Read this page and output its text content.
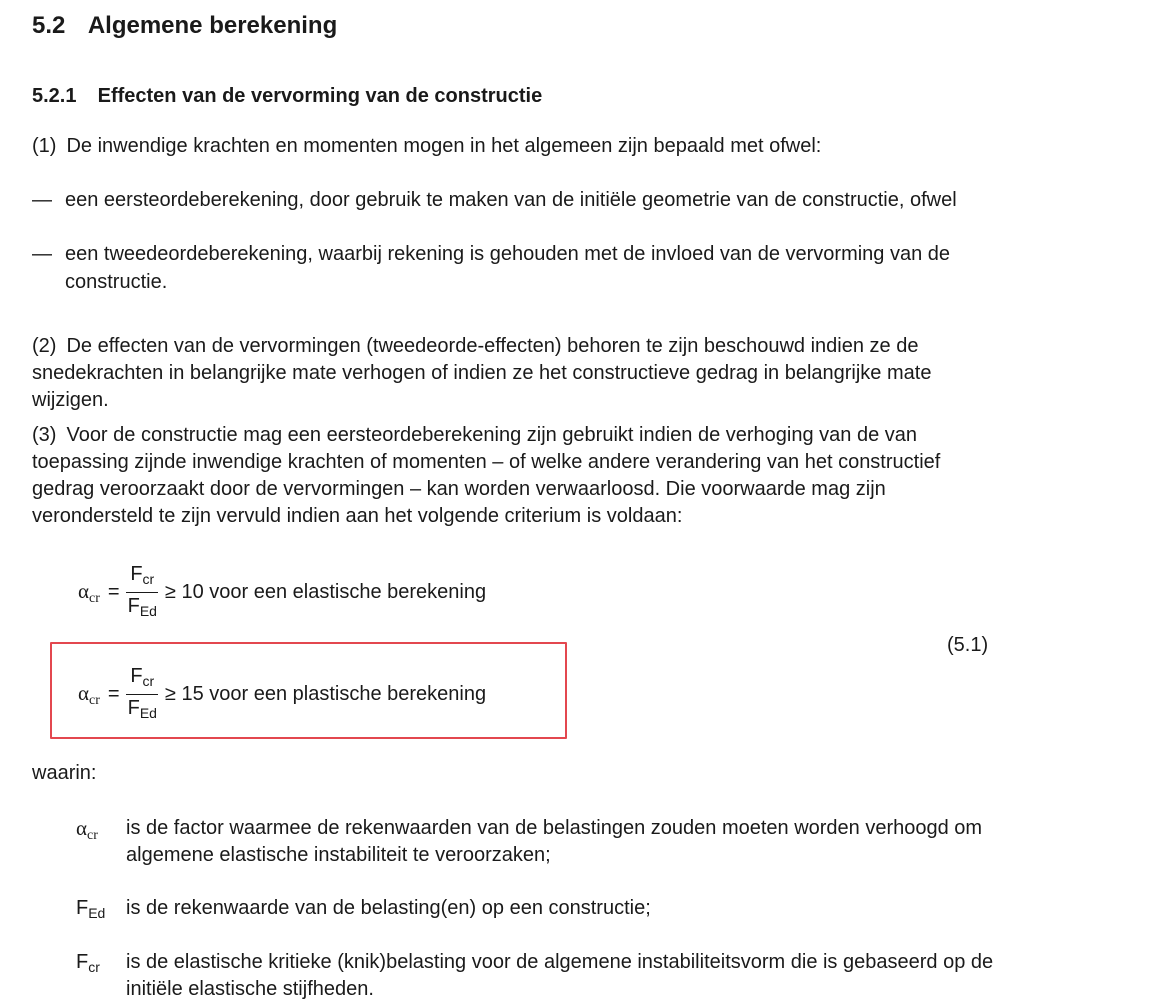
5.2 Algemene berekening
5.2.1 Effecten van de vervorming van de constructie
(1) De inwendige krachten en momenten mogen in het algemeen zijn bepaald met ofwel:
— een eersteordeberekening, door gebruik te maken van de initiële geometrie van de constructie, ofwel
— een tweedeordeberekening, waarbij rekening is gehouden met de invloed van de vervorming van de
constructie.
(2) De effecten van de vervormingen (tweedeorde-effecten) behoren te zijn beschouwd indien ze de
snedekrachten in belangrijke mate verhogen of indien ze het constructieve gedrag in belangrijke mate
wijzigen.
(3) Voor de constructie mag een eersteordeberekening zijn gebruikt indien de verhoging van de van
toepassing zijnde inwendige krachten of momenten – of welke andere verandering van het constructief
gedrag veroorzaakt door de vervormingen – kan worden verwaarloosd. Die voorwaarde mag zijn
verondersteld te zijn vervuld indien aan het volgende criterium is voldaan:
$\alpha_{cr} = \frac{F_{cr}}{F_{Ed}} \ge 10$ voor een elastische berekening
(5.1)
$\alpha_{cr} = \frac{F_{cr}}{F_{Ed}} \ge 15$ voor een plastische berekening
waarin:
$\alpha_{cr}$ is de factor waarmee de rekenwaarden van de belastingen zouden moeten worden verhoogd om
algemene elastische instabiliteit te veroorzaken;
$F_{Ed}$ is de rekenwaarde van de belasting(en) op een constructie;
$F_{cr}$ is de elastische kritieke (knik)belasting voor de algemene instabiliteitsvorm die is gebaseerd op de
initiële elastische stijfheden.
